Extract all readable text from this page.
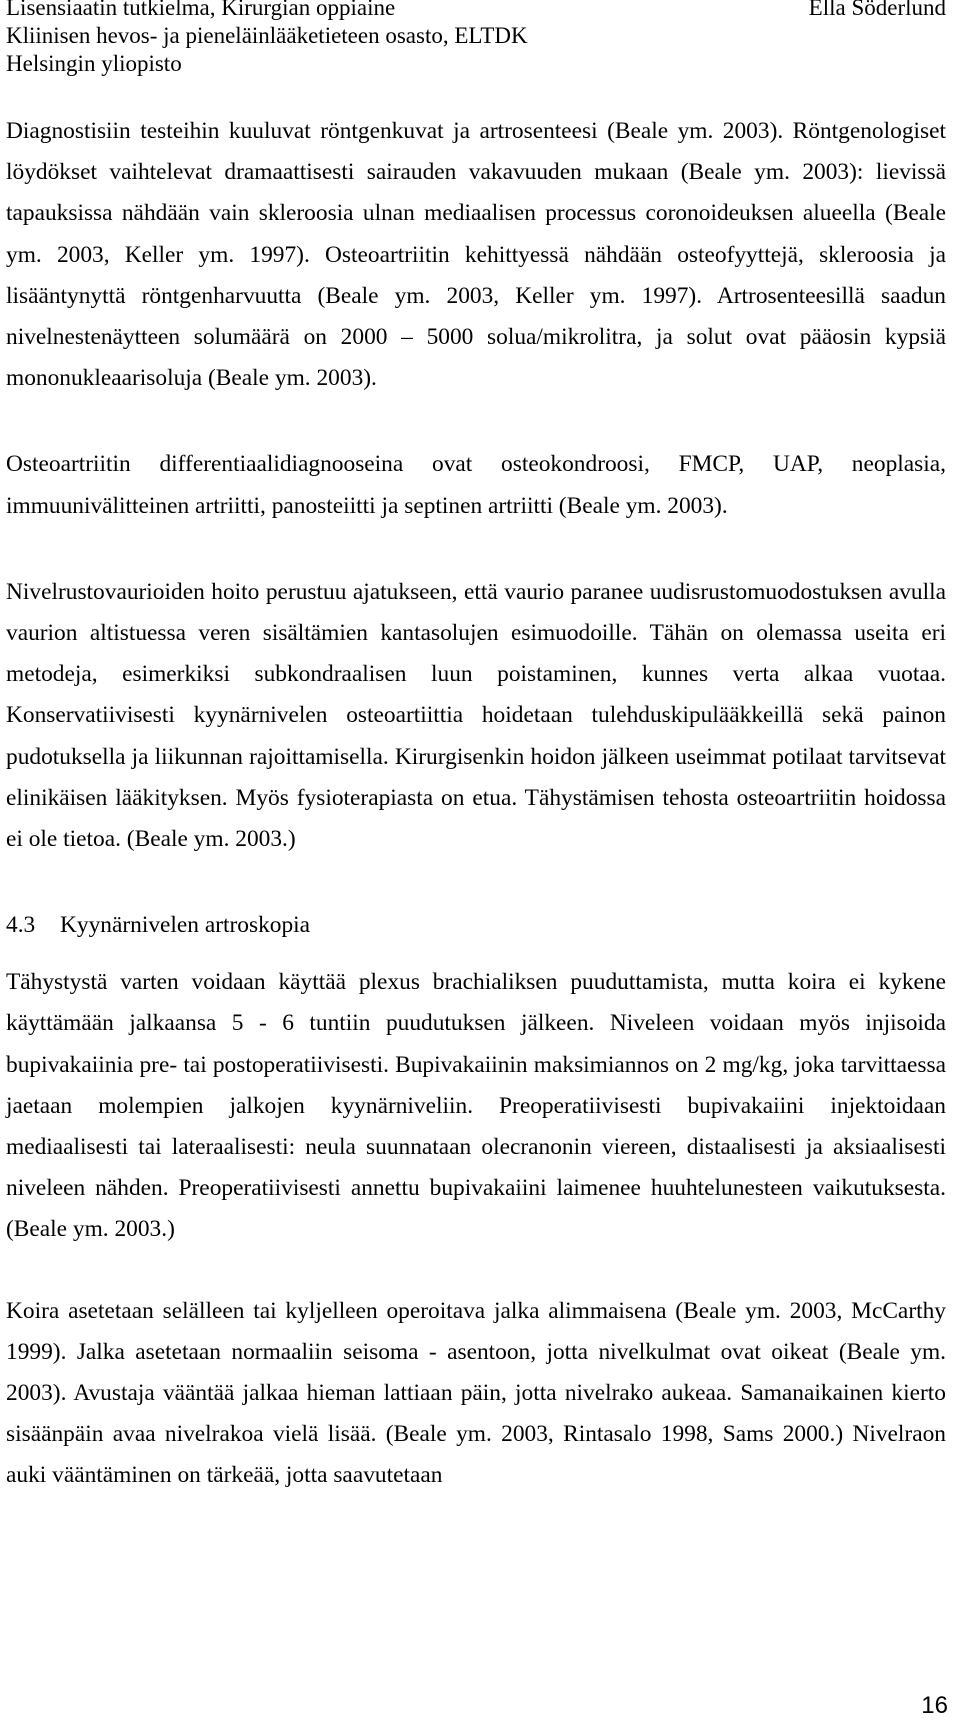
Lisensiaatin tutkielma, Kirurgian oppiaine
Kliinisen hevos- ja pieneläinlääketieteen osasto, ELTDK
Helsingin yliopisto
Ella Söderlund

Diagnostisiin testeihin kuuluvat röntgenkuvat ja artrosenteesi (Beale ym. 2003). Röntgenologiset löydökset vaihtelevat dramaattisesti sairauden vakavuuden mukaan (Beale ym. 2003): lievissä tapauksissa nähdään vain skleroosia ulnan mediaalisen processus coronoideuksen alueella (Beale ym. 2003, Keller ym. 1997). Osteoartriitin kehittyessä nähdään osteofyyttejä, skleroosia ja lisääntynyttä röntgenharvuutta (Beale ym. 2003, Keller ym. 1997). Artrosenteesillä saadun nivelnestenäytteen solumäärä on 2000 – 5000 solua/mikrolitra, ja solut ovat pääosin kypsiä mononukleaarisoluja (Beale ym. 2003).

Osteoartriitin differentiaalidiagnooseina ovat osteokondroosi, FMCP, UAP, neoplasia, immuunivälitteinen artriitti, panosteiitti ja septinen artriitti (Beale ym. 2003).

Nivelrustovaurioiden hoito perustuu ajatukseen, että vaurio paranee uudisrustomuodostuksen avulla vaurion altistuessa veren sisältämien kantasolujen esimuodoille. Tähän on olemassa useita eri metodeja, esimerkiksi subkondraalisen luun poistaminen, kunnes verta alkaa vuotaa. Konservatiivisesti kyynärnivelen osteoartiittia hoidetaan tulehduskipulääkkeillä sekä painon pudotuksella ja liikunnan rajoittamisella. Kirurgisenkin hoidon jälkeen useimmat potilaat tarvitsevat elinikäisen lääkityksen. Myös fysioterapiasta on etua. Tähystämisen tehosta osteoartriitin hoidossa ei ole tietoa. (Beale ym. 2003.)

4.3 Kyynärnivelen artroskopia

Tähystystä varten voidaan käyttää plexus brachialiksen puuduttamista, mutta koira ei kykene käyttämään jalkaansa 5 - 6 tuntiin puudutuksen jälkeen. Niveleen voidaan myös injisoida bupivakaiinia pre- tai postoperatiivisesti. Bupivakaiinin maksimiannos on 2 mg/kg, joka tarvittaessa jaetaan molempien jalkojen kyynärniveliin. Preoperatiivisesti bupivakaiini injektoidaan mediaalisesti tai lateraalisesti: neula suunnataan olecranonin viereen, distaalisesti ja aksiaalisesti niveleen nähden. Preoperatiivisesti annettu bupivakaiini laimenee huuhtelunesteen vaikutuksesta. (Beale ym. 2003.)

Koira asetetaan selälleen tai kyljelleen operoitava jalka alimmaisena (Beale ym. 2003, McCarthy 1999). Jalka asetetaan normaaliin seisoma - asentoon, jotta nivelkulmat ovat oikeat (Beale ym. 2003). Avustaja vääntää jalkaa hieman lattiaan päin, jotta nivelrako aukeaa. Samanaikainen kierto sisäänpäin avaa nivelrakoa vielä lisää. (Beale ym. 2003, Rintasalo 1998, Sams 2000.) Nivelraon auki vääntäminen on tärkeää, jotta saavutetaan

16
